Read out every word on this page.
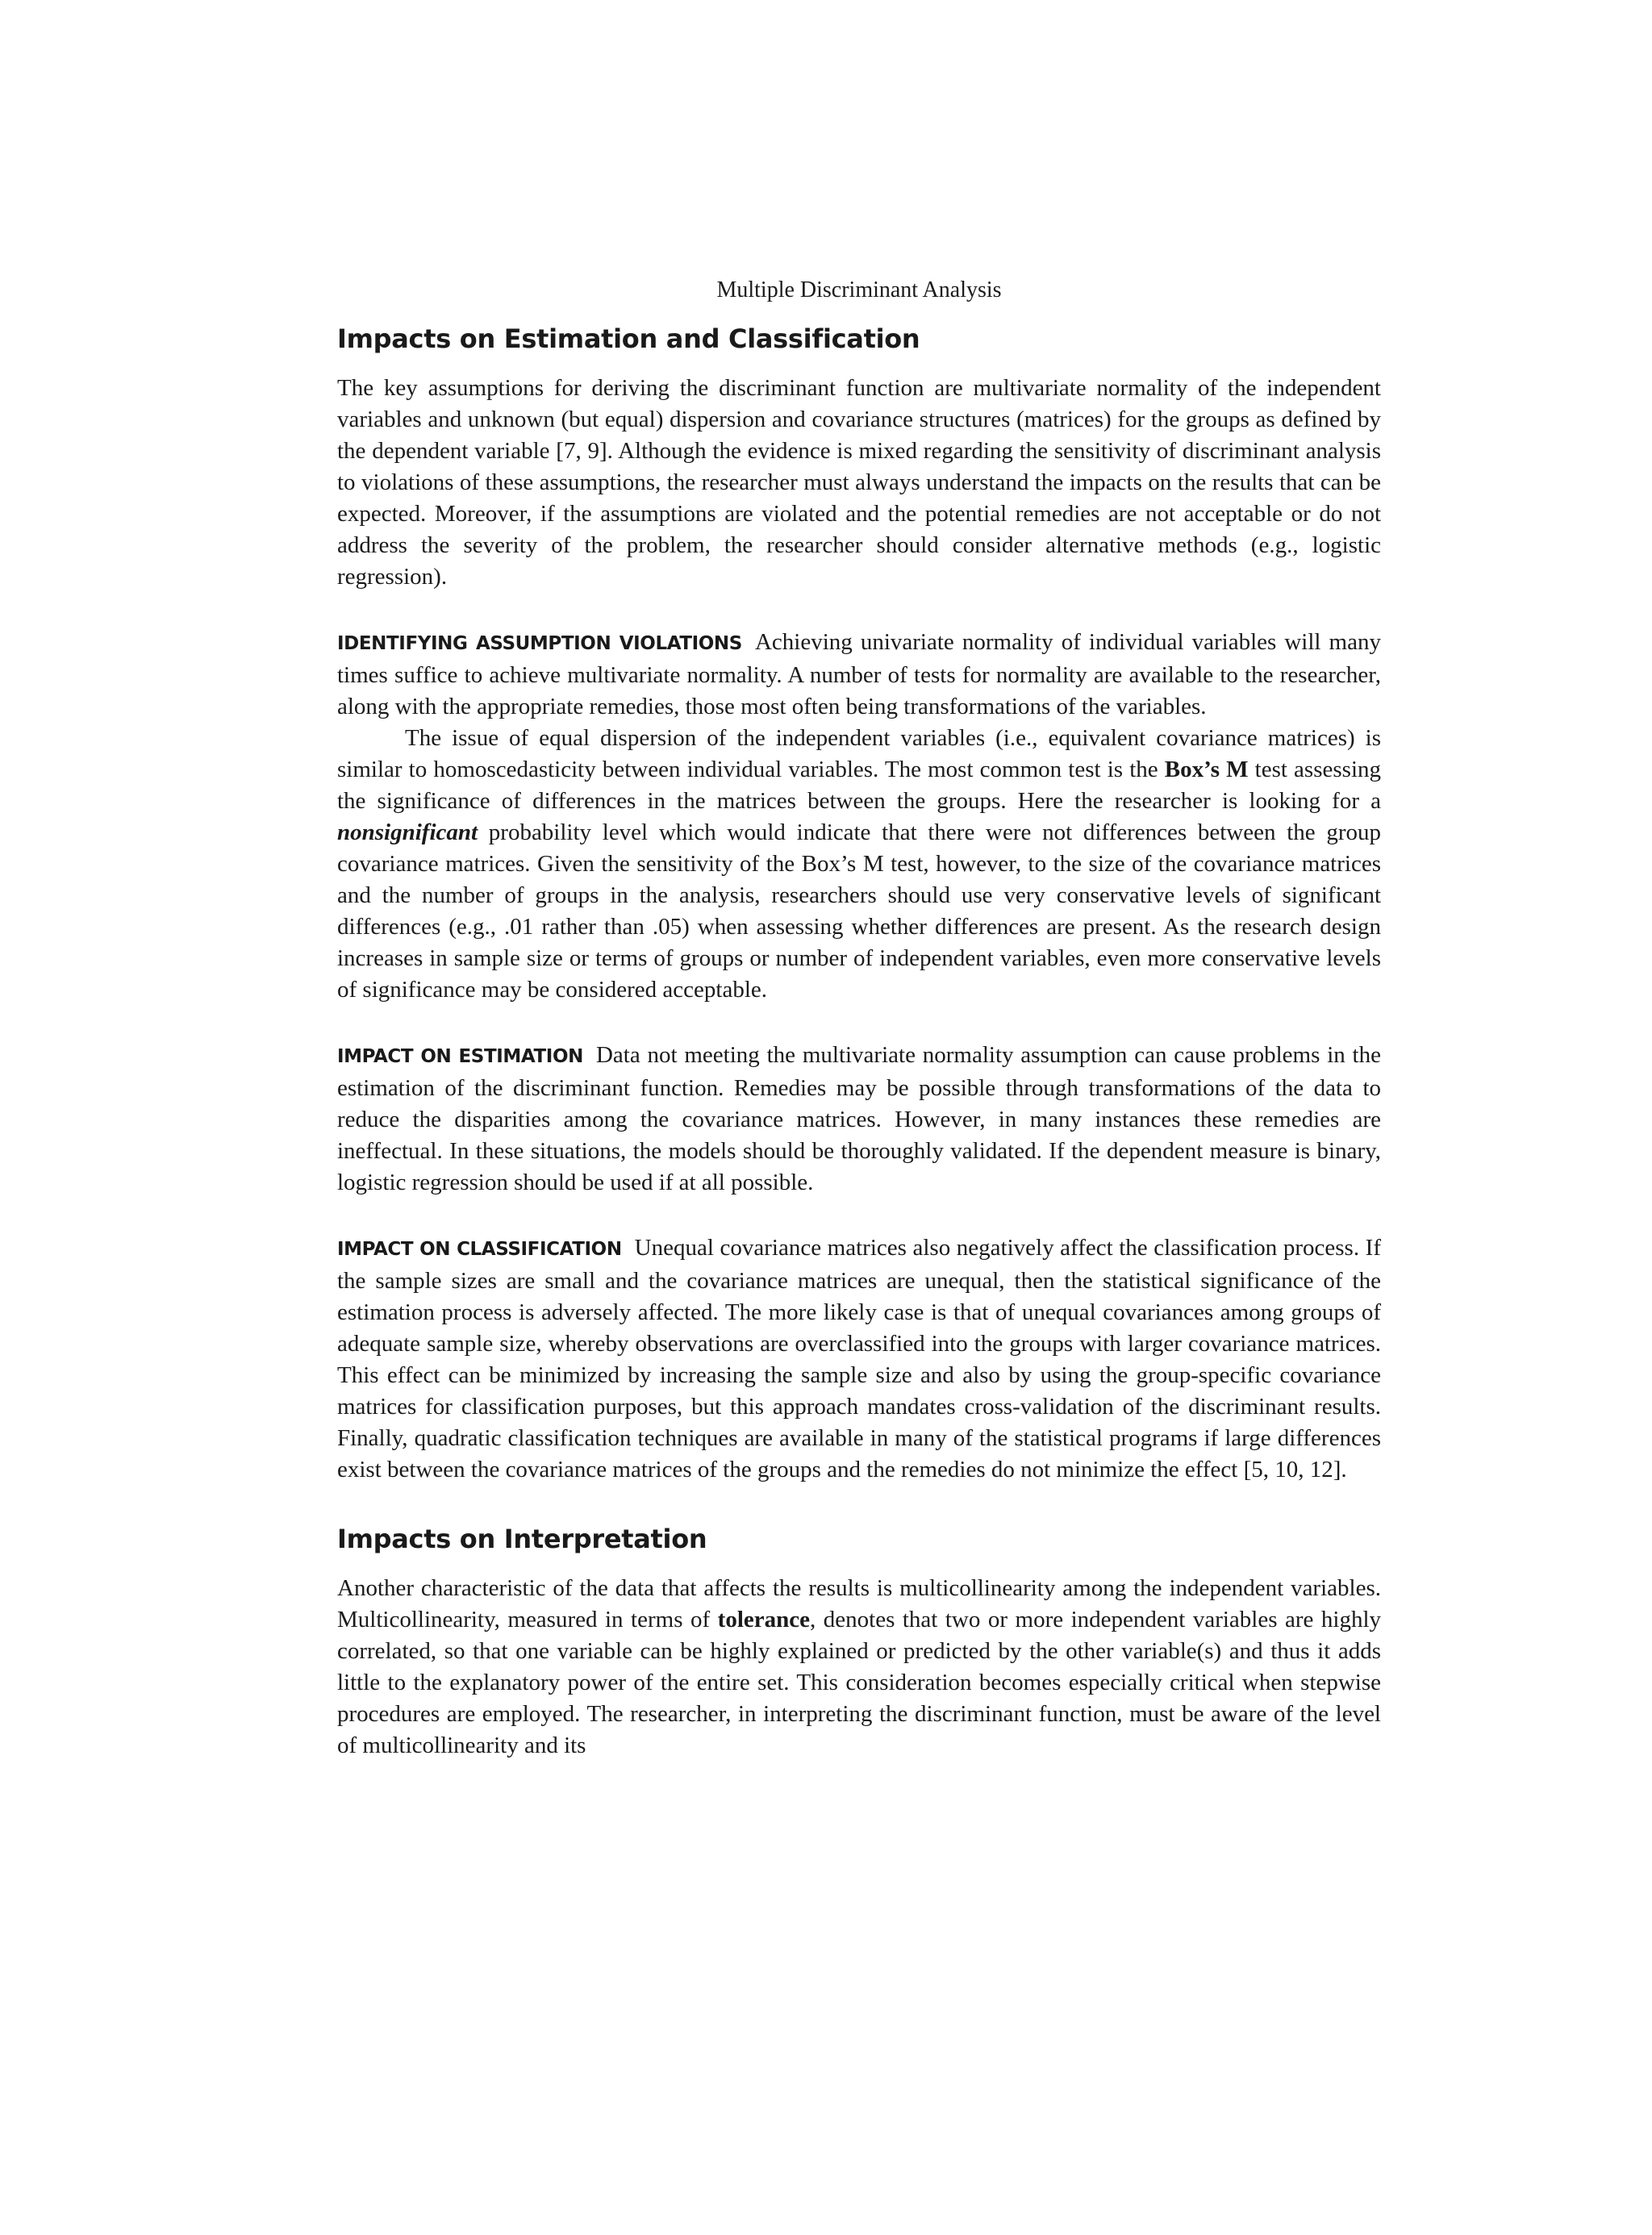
Multiple Discriminant Analysis
Impacts on Estimation and Classification

The key assumptions for deriving the discriminant function are multivariate normality of the independent variables and unknown (but equal) dispersion and covariance structures (matrices) for the groups as defined by the dependent variable [7, 9]. Although the evidence is mixed regarding the sensitivity of discriminant analysis to violations of these assumptions, the researcher must always understand the impacts on the results that can be expected. Moreover, if the assumptions are violated and the potential remedies are not acceptable or do not address the severity of the problem, the researcher should consider alternative methods (e.g., logistic regression).

IDENTIFYING ASSUMPTION VIOLATIONS Achieving univariate normality of individual variables will many times suffice to achieve multivariate normality. A number of tests for normality are available to the researcher, along with the appropriate remedies, those most often being transformations of the variables.

The issue of equal dispersion of the independent variables (i.e., equivalent covariance matrices) is similar to homoscedasticity between individual variables. The most common test is the Box’s M test assessing the significance of differences in the matrices between the groups. Here the researcher is looking for a nonsignificant probability level which would indicate that there were not differences between the group covariance matrices. Given the sensitivity of the Box’s M test, however, to the size of the covariance matrices and the number of groups in the analysis, researchers should use very conservative levels of significant differences (e.g., .01 rather than .05) when assessing whether differences are present. As the research design increases in sample size or terms of groups or number of independent variables, even more conservative levels of significance may be considered acceptable.

IMPACT ON ESTIMATION Data not meeting the multivariate normality assumption can cause problems in the estimation of the discriminant function. Remedies may be possible through transformations of the data to reduce the disparities among the covariance matrices. However, in many instances these remedies are ineffectual. In these situations, the models should be thoroughly validated. If the dependent measure is binary, logistic regression should be used if at all possible.

IMPACT ON CLASSIFICATION Unequal covariance matrices also negatively affect the classification process. If the sample sizes are small and the covariance matrices are unequal, then the statistical significance of the estimation process is adversely affected. The more likely case is that of unequal covariances among groups of adequate sample size, whereby observations are overclassified into the groups with larger covariance matrices. This effect can be minimized by increasing the sample size and also by using the group-specific covariance matrices for classification purposes, but this approach mandates cross-validation of the discriminant results. Finally, quadratic classification techniques are available in many of the statistical programs if large differences exist between the covariance matrices of the groups and the remedies do not minimize the effect [5, 10, 12].

Impacts on Interpretation

Another characteristic of the data that affects the results is multicollinearity among the independent variables. Multicollinearity, measured in terms of tolerance, denotes that two or more independent variables are highly correlated, so that one variable can be highly explained or predicted by the other variable(s) and thus it adds little to the explanatory power of the entire set. This consideration becomes especially critical when stepwise procedures are employed. The researcher, in interpreting the discriminant function, must be aware of the level of multicollinearity and its
